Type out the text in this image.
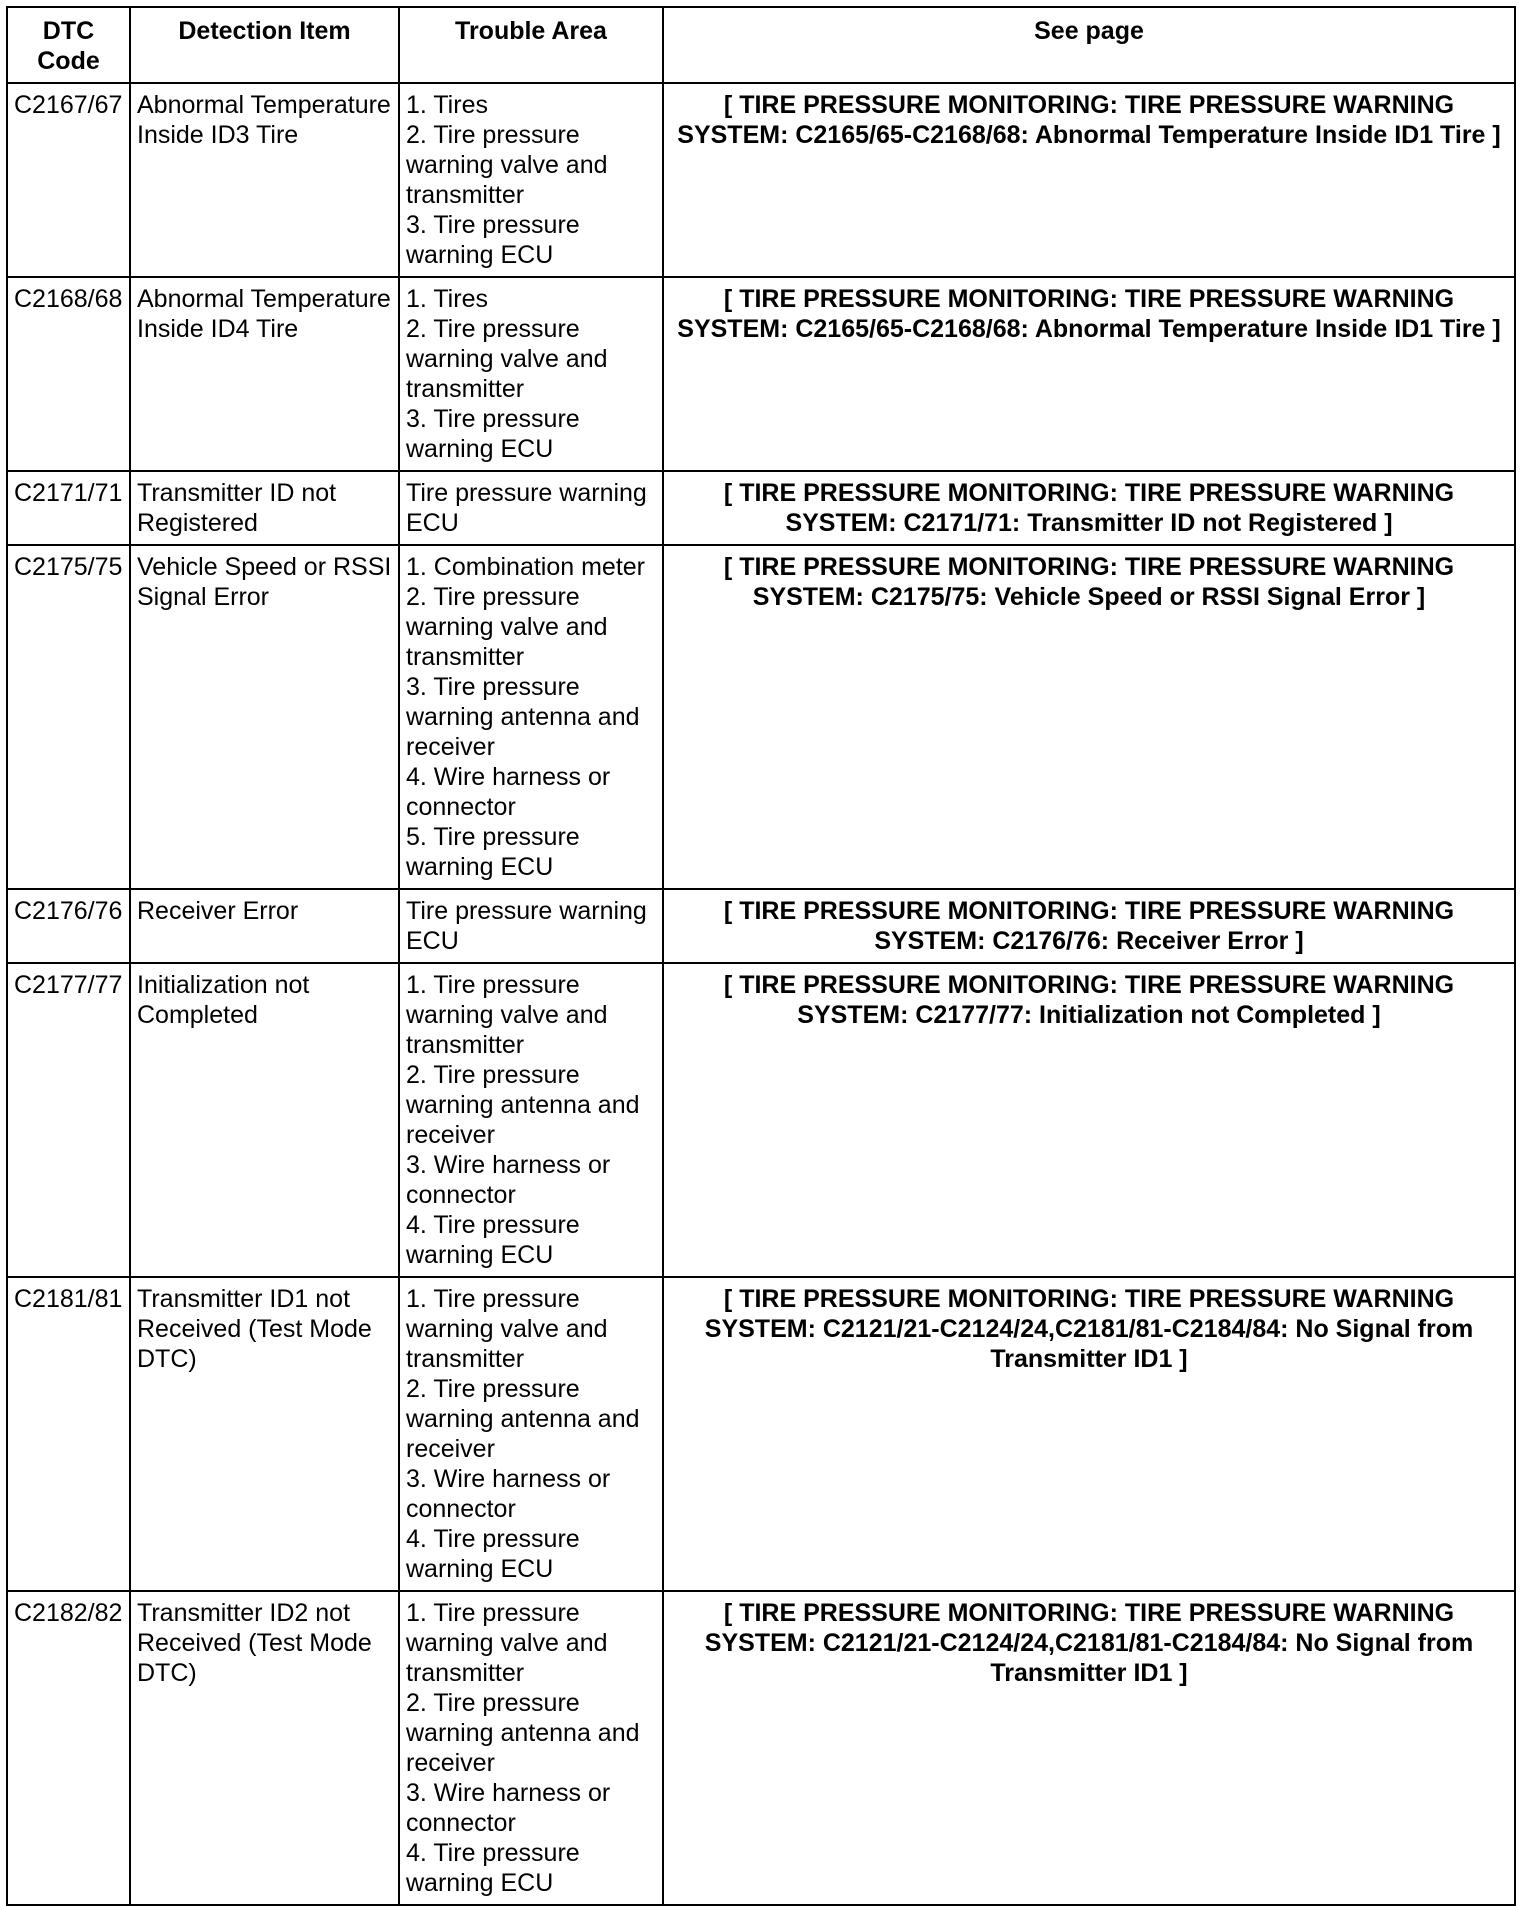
DTC Code	Detection Item	Trouble Area	See page
C2167/67	Abnormal Temperature Inside ID3 Tire	1. Tires
2. Tire pressure warning valve and transmitter
3. Tire pressure warning ECU	[ TIRE PRESSURE MONITORING: TIRE PRESSURE WARNING SYSTEM: C2165/65-C2168/68: Abnormal Temperature Inside ID1 Tire ]
C2168/68	Abnormal Temperature Inside ID4 Tire	1. Tires
2. Tire pressure warning valve and transmitter
3. Tire pressure warning ECU	[ TIRE PRESSURE MONITORING: TIRE PRESSURE WARNING SYSTEM: C2165/65-C2168/68: Abnormal Temperature Inside ID1 Tire ]
C2171/71	Transmitter ID not Registered	Tire pressure warning ECU	[ TIRE PRESSURE MONITORING: TIRE PRESSURE WARNING SYSTEM: C2171/71: Transmitter ID not Registered ]
C2175/75	Vehicle Speed or RSSI Signal Error	1. Combination meter
2. Tire pressure warning valve and transmitter
3. Tire pressure warning antenna and receiver
4. Wire harness or connector
5. Tire pressure warning ECU	[ TIRE PRESSURE MONITORING: TIRE PRESSURE WARNING SYSTEM: C2175/75: Vehicle Speed or RSSI Signal Error ]
C2176/76	Receiver Error	Tire pressure warning ECU	[ TIRE PRESSURE MONITORING: TIRE PRESSURE WARNING SYSTEM: C2176/76: Receiver Error ]
C2177/77	Initialization not Completed	1. Tire pressure warning valve and transmitter
2. Tire pressure warning antenna and receiver
3. Wire harness or connector
4. Tire pressure warning ECU	[ TIRE PRESSURE MONITORING: TIRE PRESSURE WARNING SYSTEM: C2177/77: Initialization not Completed ]
C2181/81	Transmitter ID1 not Received (Test Mode DTC)	1. Tire pressure warning valve and transmitter
2. Tire pressure warning antenna and receiver
3. Wire harness or connector
4. Tire pressure warning ECU	[ TIRE PRESSURE MONITORING: TIRE PRESSURE WARNING SYSTEM: C2121/21-C2124/24,C2181/81-C2184/84: No Signal from Transmitter ID1 ]
C2182/82	Transmitter ID2 not Received (Test Mode DTC)	1. Tire pressure warning valve and transmitter
2. Tire pressure warning antenna and receiver
3. Wire harness or connector
4. Tire pressure warning ECU	[ TIRE PRESSURE MONITORING: TIRE PRESSURE WARNING SYSTEM: C2121/21-C2124/24,C2181/81-C2184/84: No Signal from Transmitter ID1 ]
